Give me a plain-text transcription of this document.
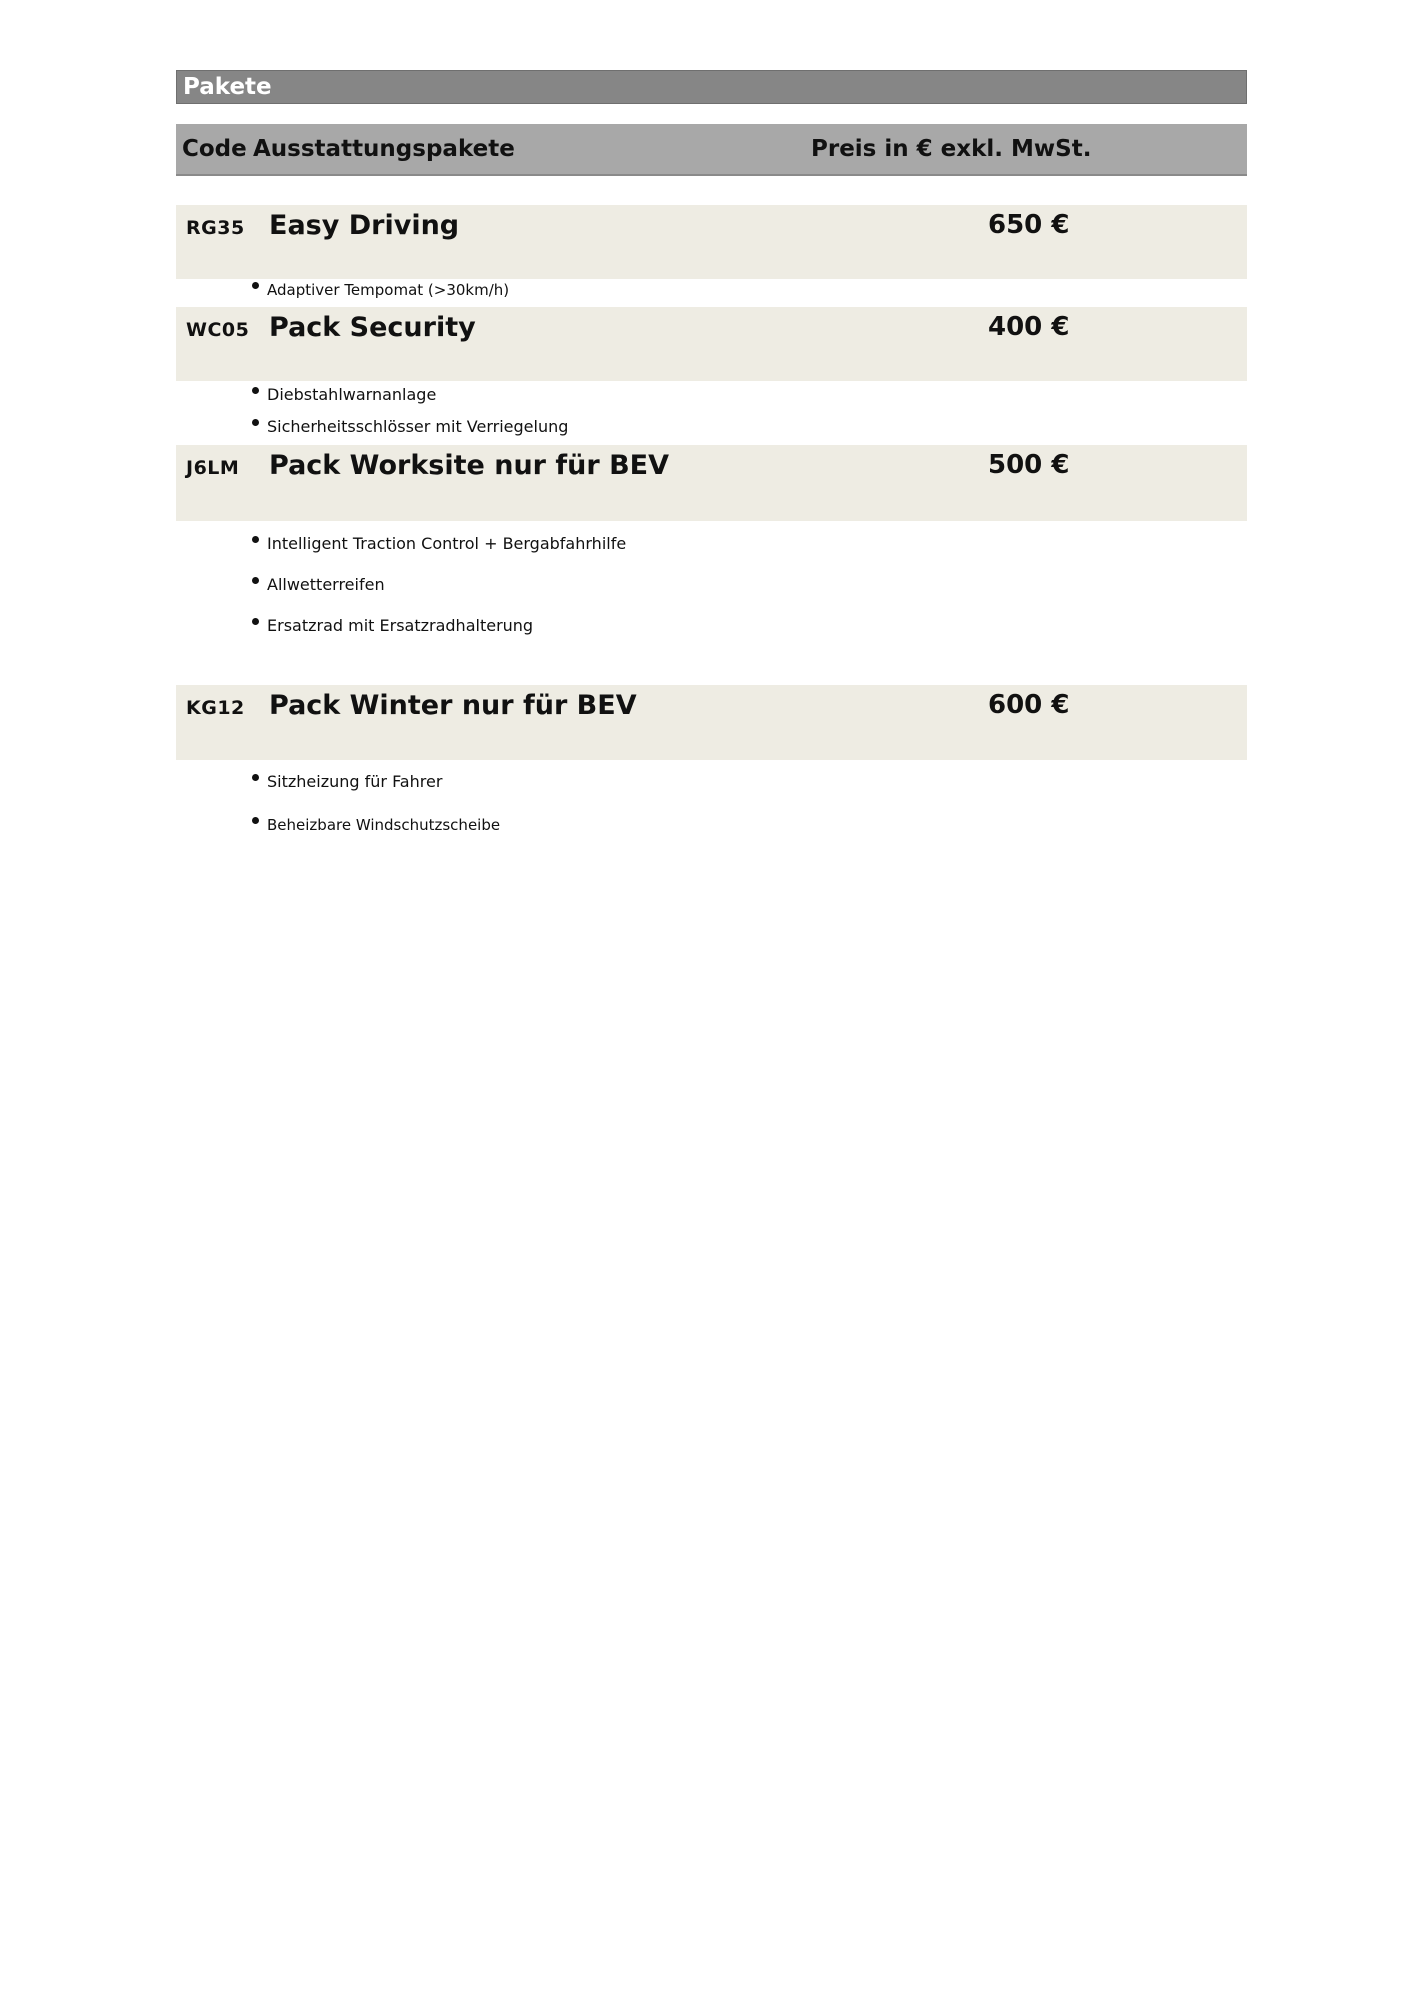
Pakete
Code Ausstattungspakete	Preis in € exkl. MwSt.
RG35 Easy Driving	650 €
Adaptiver Tempomat (>30km/h)
WC05 Pack Security	400 €
Diebstahlwarnanlage
Sicherheitsschlösser mit Verriegelung
J6LM Pack Worksite nur für BEV	500 €
Intelligent Traction Control + Bergabfahrhilfe
Allwetterreifen
Ersatzrad mit Ersatzradhalterung
KG12 Pack Winter nur für BEV	600 €
Sitzheizung für Fahrer
Beheizbare Windschutzscheibe
